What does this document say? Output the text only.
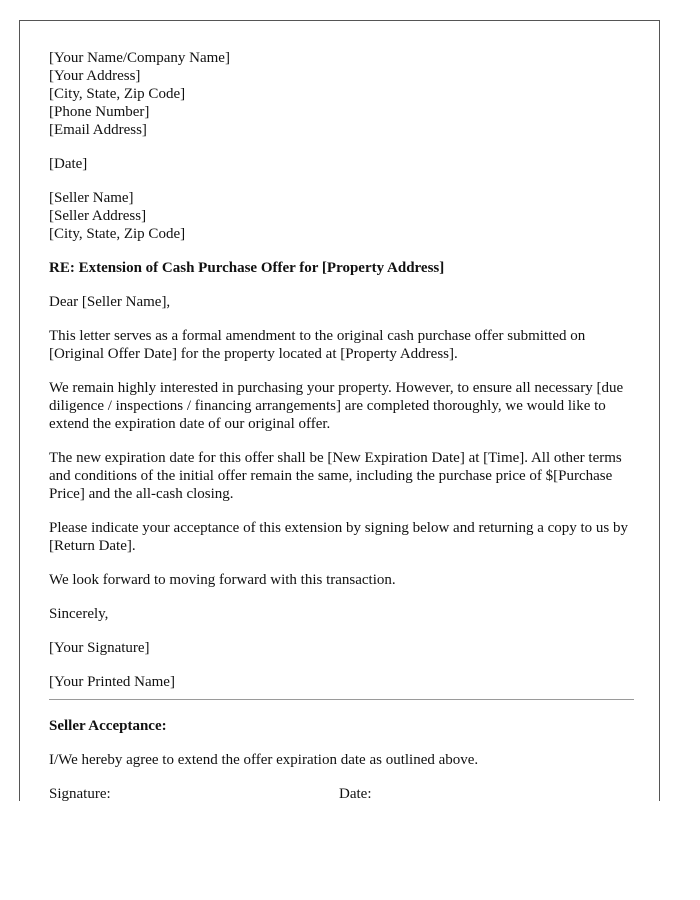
[Your Name/Company Name]
[Your Address]
[City, State, Zip Code]
[Phone Number]
[Email Address]
[Date]
[Seller Name]
[Seller Address]
[City, State, Zip Code]

RE: Extension of Cash Purchase Offer for [Property Address]

Dear [Seller Name],

This letter serves as a formal amendment to the original cash purchase offer submitted on [Original Offer Date] for the property located at [Property Address].

We remain highly interested in purchasing your property. However, to ensure all necessary [due diligence / inspections / financing arrangements] are completed thoroughly, we would like to extend the expiration date of our original offer.

The new expiration date for this offer shall be [New Expiration Date] at [Time]. All other terms and conditions of the initial offer remain the same, including the purchase price of $[Purchase Price] and the all-cash closing.

Please indicate your acceptance of this extension by signing below and returning a copy to us by [Return Date].

We look forward to moving forward with this transaction.

Sincerely,

[Your Signature]

[Your Printed Name]

Seller Acceptance:

I/We hereby agree to extend the offer expiration date as outlined above.

Signature:	Date:
